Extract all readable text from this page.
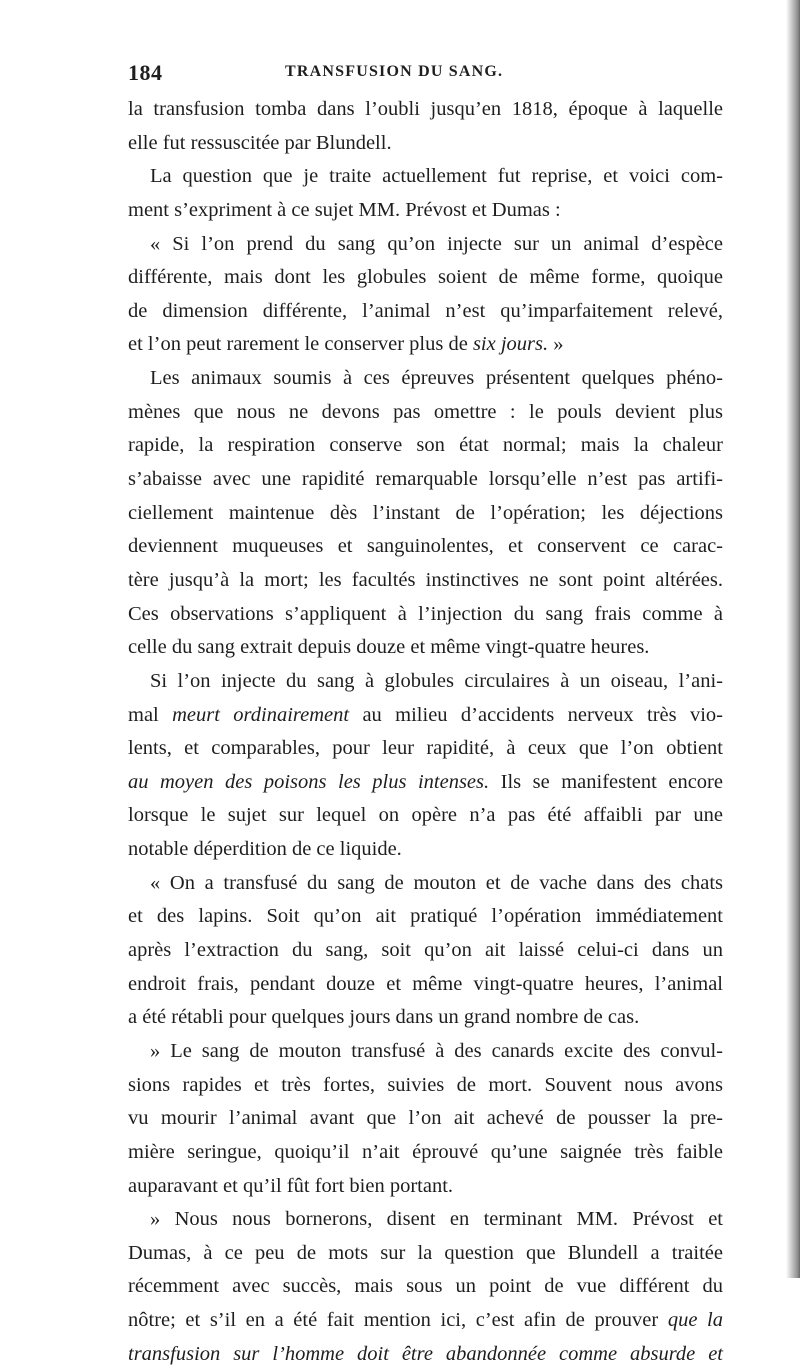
184	TRANSFUSION DU SANG.
la transfusion tomba dans l’oubli jusqu’en 1818, époque à laquelle
elle fut ressuscitée par Blundell.
La question que je traite actuellement fut reprise, et voici com-
ment s’expriment à ce sujet MM. Prévost et Dumas :
« Si l’on prend du sang qu’on injecte sur un animal d’espèce
différente, mais dont les globules soient de même forme, quoique
de dimension différente, l’animal n’est qu’imparfaitement relevé,
et l’on peut rarement le conserver plus de six jours. »
Les animaux soumis à ces épreuves présentent quelques phéno-
mènes que nous ne devons pas omettre : le pouls devient plus
rapide, la respiration conserve son état normal; mais la chaleur
s’abaisse avec une rapidité remarquable lorsqu’elle n’est pas artifi-
ciellement maintenue dès l’instant de l’opération; les déjections
deviennent muqueuses et sanguinolentes, et conservent ce carac-
tère jusqu’à la mort; les facultés instinctives ne sont point altérées.
Ces observations s’appliquent à l’injection du sang frais comme à
celle du sang extrait depuis douze et même vingt-quatre heures.
Si l’on injecte du sang à globules circulaires à un oiseau, l’ani-
mal meurt ordinairement au milieu d’accidents nerveux très vio-
lents, et comparables, pour leur rapidité, à ceux que l’on obtient
au moyen des poisons les plus intenses. Ils se manifestent encore
lorsque le sujet sur lequel on opère n’a pas été affaibli par une
notable déperdition de ce liquide.
« On a transfusé du sang de mouton et de vache dans des chats
et des lapins. Soit qu’on ait pratiqué l’opération immédiatement
après l’extraction du sang, soit qu’on ait laissé celui-ci dans un
endroit frais, pendant douze et même vingt-quatre heures, l’animal
a été rétabli pour quelques jours dans un grand nombre de cas.
» Le sang de mouton transfusé à des canards excite des convul-
sions rapides et très fortes, suivies de mort. Souvent nous avons
vu mourir l’animal avant que l’on ait achevé de pousser la pre-
mière seringue, quoiqu’il n’ait éprouvé qu’une saignée très faible
auparavant et qu’il fût fort bien portant.
» Nous nous bornerons, disent en terminant MM. Prévost et
Dumas, à ce peu de mots sur la question que Blundell a traitée
récemment avec succès, mais sous un point de vue différent du
nôtre; et s’il en a été fait mention ici, c’est afin de prouver que la
transfusion sur l’homme doit être abandonnée comme absurde et
